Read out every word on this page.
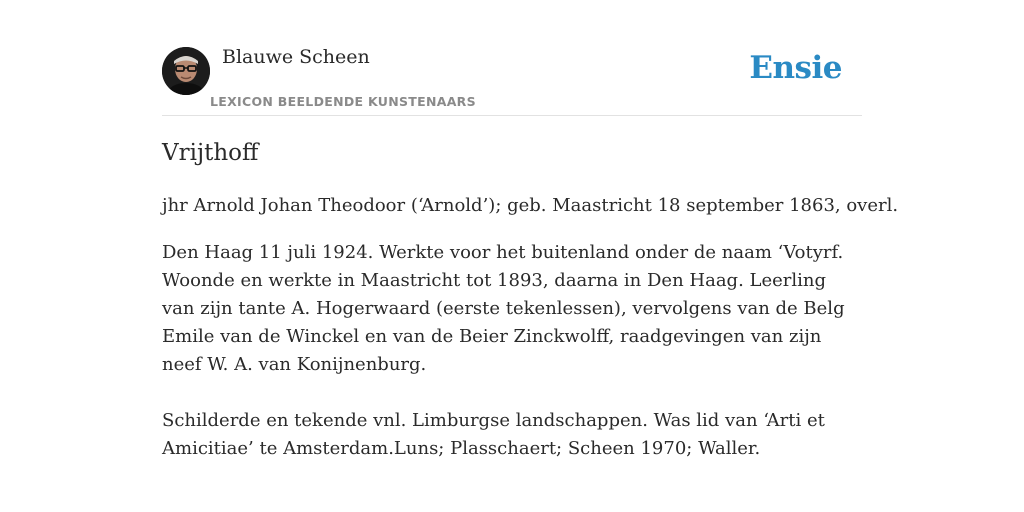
Blauwe Scheen
LEXICON BEELDENDE KUNSTENAARS
Ensie
Vrijthoff

jhr Arnold Johan Theodoor (‘Arnold’); geb. Maastricht 18 september 1863, overl.

Den Haag 11 juli 1924. Werkte voor het buitenland onder de naam ‘Votyrf. Woonde en werkte in Maastricht tot 1893, daarna in Den Haag. Leerling van zijn tante A. Hogerwaard (eerste tekenlessen), vervolgens van de Belg Emile van de Winckel en van de Beier Zinckwolff, raadgevingen van zijn neef W. A. van Konijnenburg.

Schilderde en tekende vnl. Limburgse landschappen. Was lid van ‘Arti et Amicitiae’ te Amsterdam.Luns; Plasschaert; Scheen 1970; Waller.
